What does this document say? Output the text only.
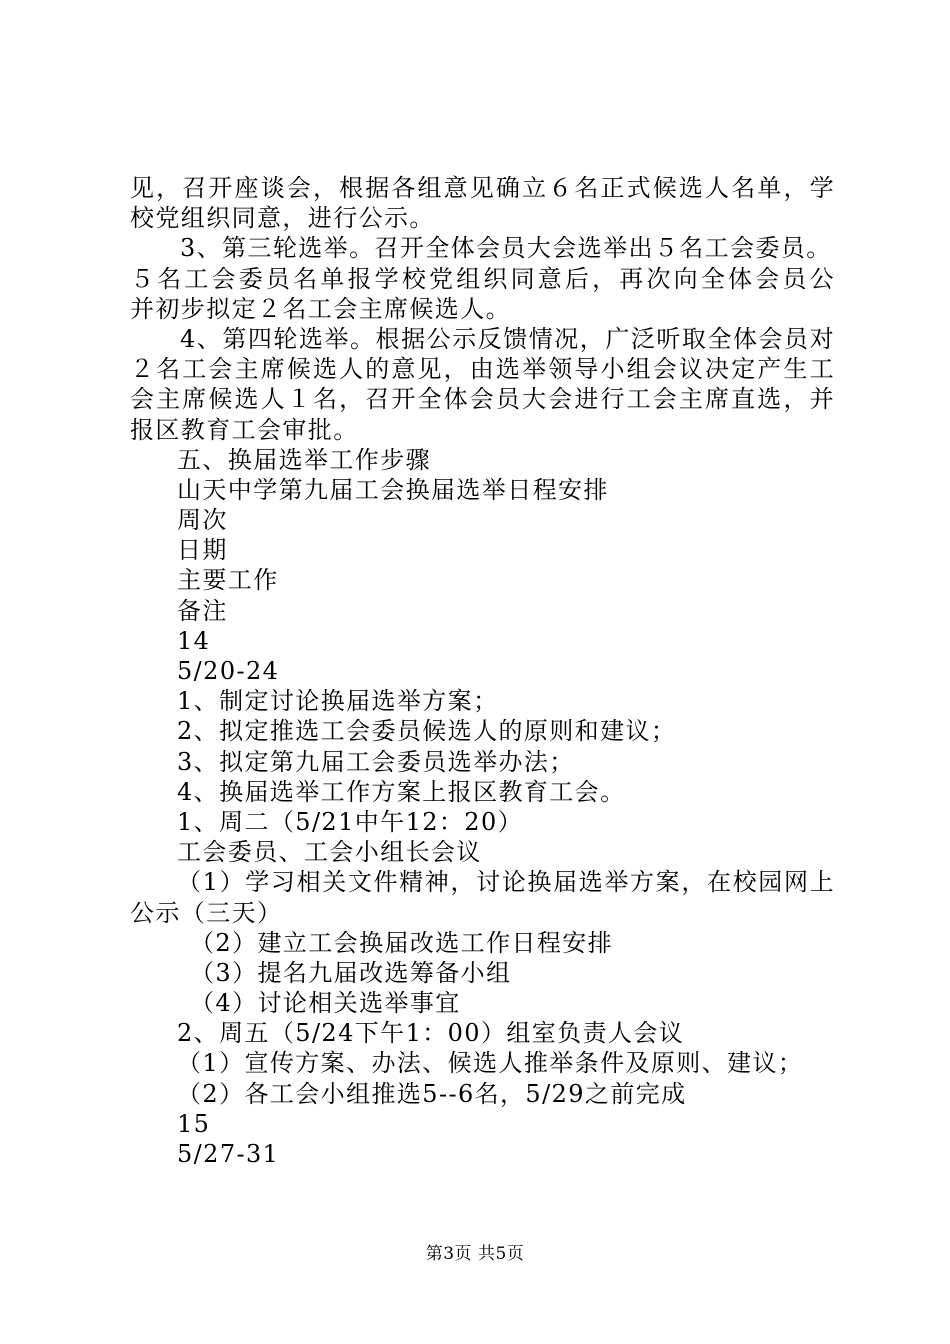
见，召开座谈会，根据各组意见确立６名正式候选人名单，学
校党组织同意，进行公示。
3、第三轮选举。召开全体会员大会选举出５名工会委员。
５名工会委员名单报学校党组织同意后，再次向全体会员公
并初步拟定２名工会主席候选人。
4、第四轮选举。根据公示反馈情况，广泛听取全体会员对
２名工会主席候选人的意见，由选举领导小组会议决定产生工
会主席候选人１名，召开全体会员大会进行工会主席直选，并
报区教育工会审批。
五、换届选举工作步骤
山天中学第九届工会换届选举日程安排
周次
日期
主要工作
备注
14
5/20-24
1、制定讨论换届选举方案；
2、拟定推选工会委员候选人的原则和建议；
3、拟定第九届工会委员选举办法；
4、换届选举工作方案上报区教育工会。
1、周二（5/21中午12：20）
工会委员、工会小组长会议
（1）学习相关文件精神，讨论换届选举方案，在校园网上
公示（三天）
（2）建立工会换届改选工作日程安排
（3）提名九届改选筹备小组
（4）讨论相关选举事宜
2、周五（5/24下午1：00）组室负责人会议
（1）宣传方案、办法、候选人推举条件及原则、建议；
（2）各工会小组推选5--6名，5/29之前完成
15
5/27-31
第3页 共5页
